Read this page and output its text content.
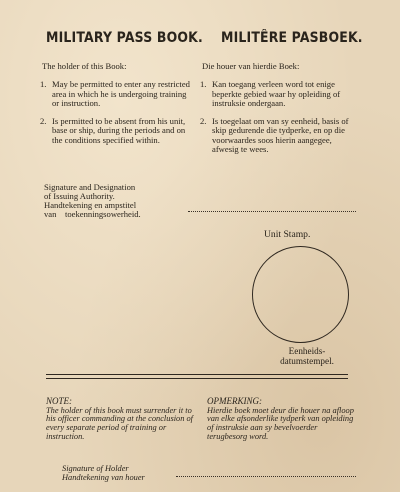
MILITARY PASS BOOK. MILITÊRE PASBOEK.
The holder of this Book:
1. May be permitted to enter any restricted area in which he is undergoing training or instruction.
2. Is permitted to be absent from his unit, base or ship, during the periods and on the conditions specified within.
Die houer van hierdie Boek:
1. Kan toegang verleen word tot enige beperkte gebied waar hy opleiding of instruksie ondergaan.
2. Is toegelaat om van sy eenheid, basis of skip gedurende die tydperke, en op die voorwaardes soos hierin aangegee, afwesig te wees.
Signature and Designation
of Issuing Authority.
Handtekening en ampstitel
van    toekenningsowerheid.
Unit Stamp.
Eenheids-
datumstempel.
NOTE:
The holder of this book must surrender it to his officer commanding at the conclusion of every separate period of training or instruction.
OPMERKING:
Hierdie boek moet deur die houer na afloop van elke afsonderlike tydperk van opleiding of instruksie aan sy bevelvoerder terugbesorg word.
Signature of Holder
Handtekening van houer
